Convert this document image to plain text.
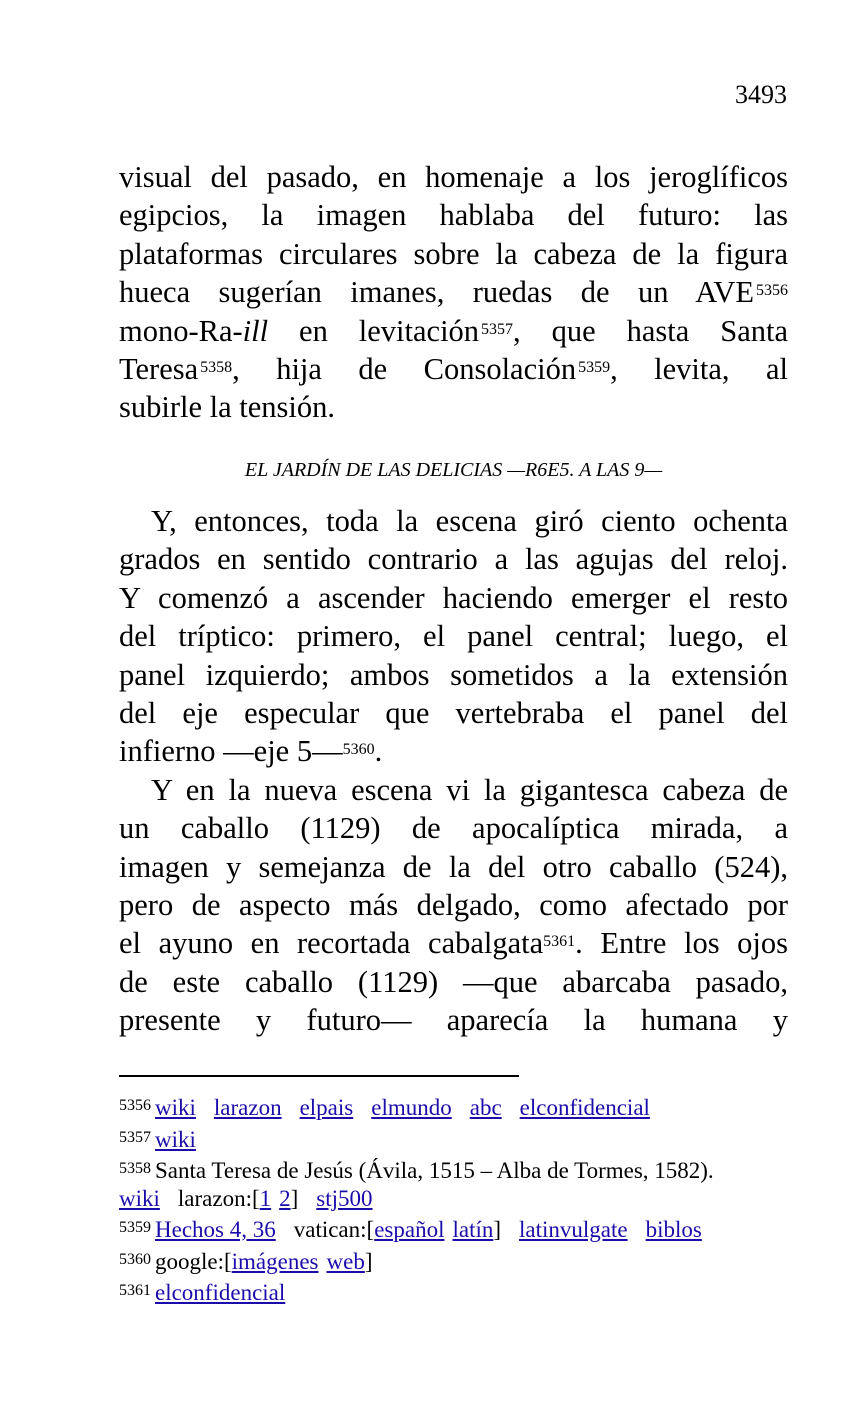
3493
visual del pasado, en homenaje a los jeroglíficos
egipcios, la imagen hablaba del futuro: las
plataformas circulares sobre la cabeza de la figura
hueca sugerían imanes, ruedas de un AVE $^{5356}$
mono-Ra-ill en levitación $^{5357}$, que hasta Santa
Teresa $^{5358}$, hija de Consolación $^{5359}$, levita, al
subirle la tensión.
EL JARDÍN DE LAS DELICIAS —R6E5. A LAS 9—
Y, entonces, toda la escena giró ciento ochenta
grados en sentido contrario a las agujas del reloj.
Y comenzó a ascender haciendo emerger el resto
del tríptico: primero, el panel central; luego, el
panel izquierdo; ambos sometidos a la extensión
del eje especular que vertebraba el panel del
infierno —eje 5—$^{5360}$.
Y en la nueva escena vi la gigantesca cabeza de
un caballo (1129) de apocalíptica mirada, a
imagen y semejanza de la del otro caballo (524),
pero de aspecto más delgado, como afectado por
el ayuno en recortada cabalgata$^{5361}$. Entre los ojos
de este caballo (1129) —que abarcaba pasado,
presente y futuro— aparecía la humana y
$^{5356}$ wiki larazon elpais elmundo abc elconfidencial
$^{5357}$ wiki
$^{5358}$ Santa Teresa de Jesús (Ávila, 1515 – Alba de Tormes, 1582).
wiki larazon:[1 2] stj500
$^{5359}$ Hechos 4, 36 vatican:[español latín] latinvulgate biblos
$^{5360}$ google:[imágenes web]
$^{5361}$ elconfidencial
